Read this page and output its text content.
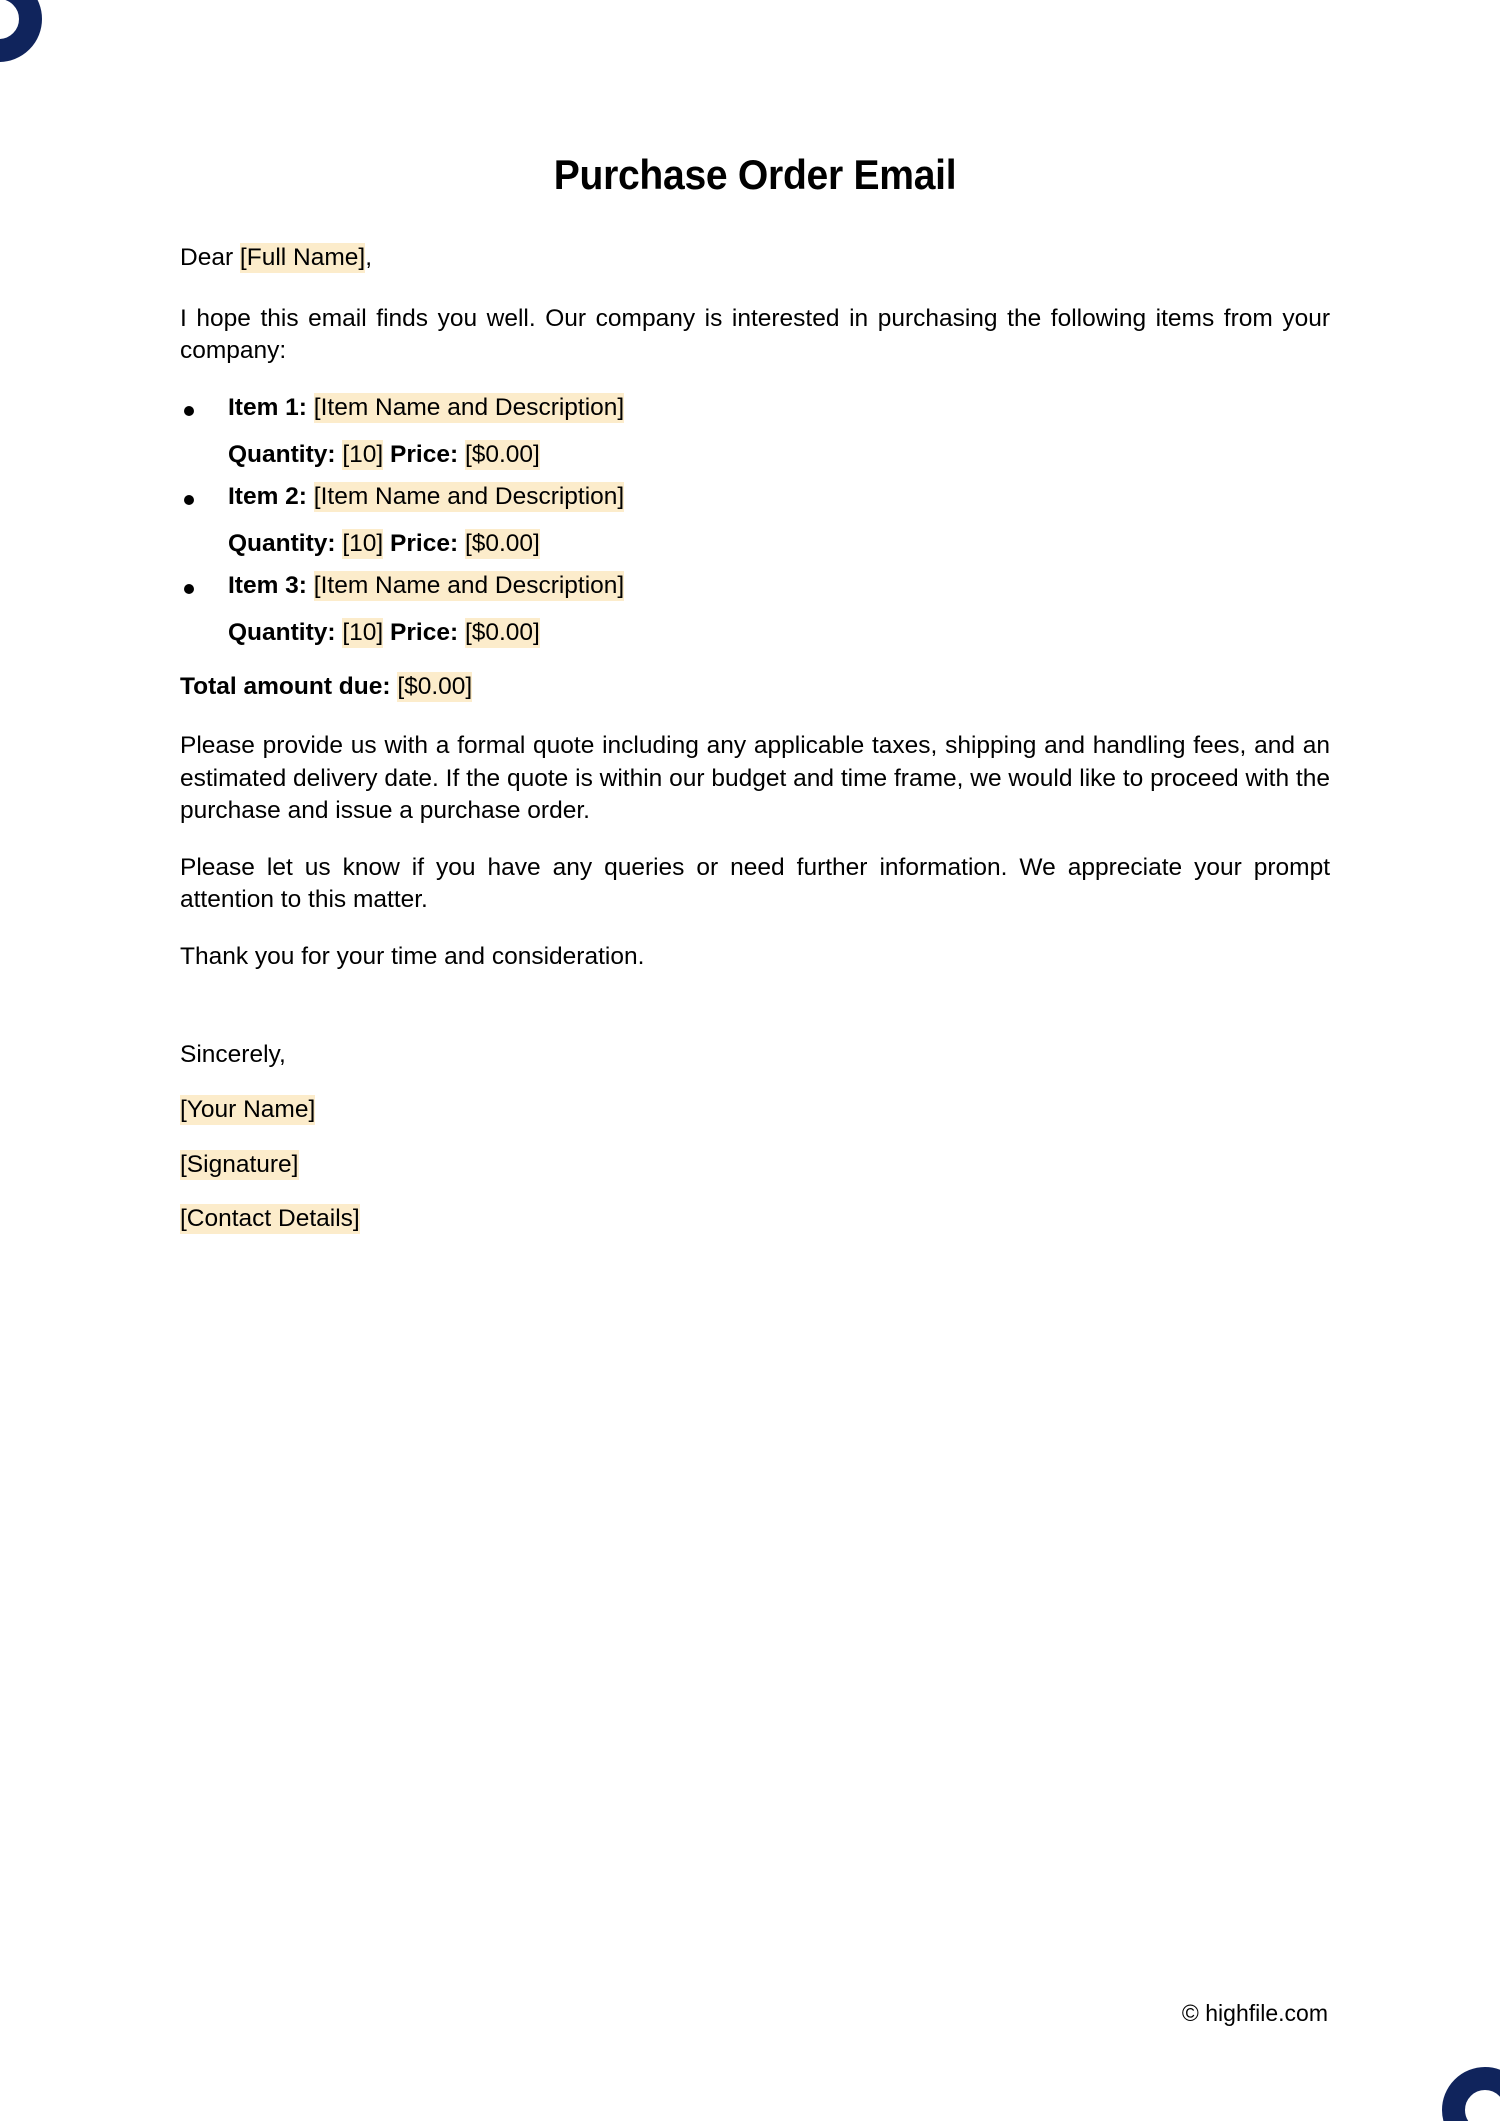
Purchase Order Email

Dear [Full Name],

I hope this email finds you well. Our company is interested in purchasing the following items from your company:

Item 1: [Item Name and Description]
Quantity: [10] Price: [$0.00]
Item 2: [Item Name and Description]
Quantity: [10] Price: [$0.00]
Item 3: [Item Name and Description]
Quantity: [10] Price: [$0.00]
Total amount due: [$0.00]

Please provide us with a formal quote including any applicable taxes, shipping and handling fees, and an estimated delivery date. If the quote is within our budget and time frame, we would like to proceed with the purchase and issue a purchase order.

Please let us know if you have any queries or need further information. We appreciate your prompt attention to this matter.

Thank you for your time and consideration.

Sincerely,

[Your Name]

[Signature]

[Contact Details]

© highfile.com
